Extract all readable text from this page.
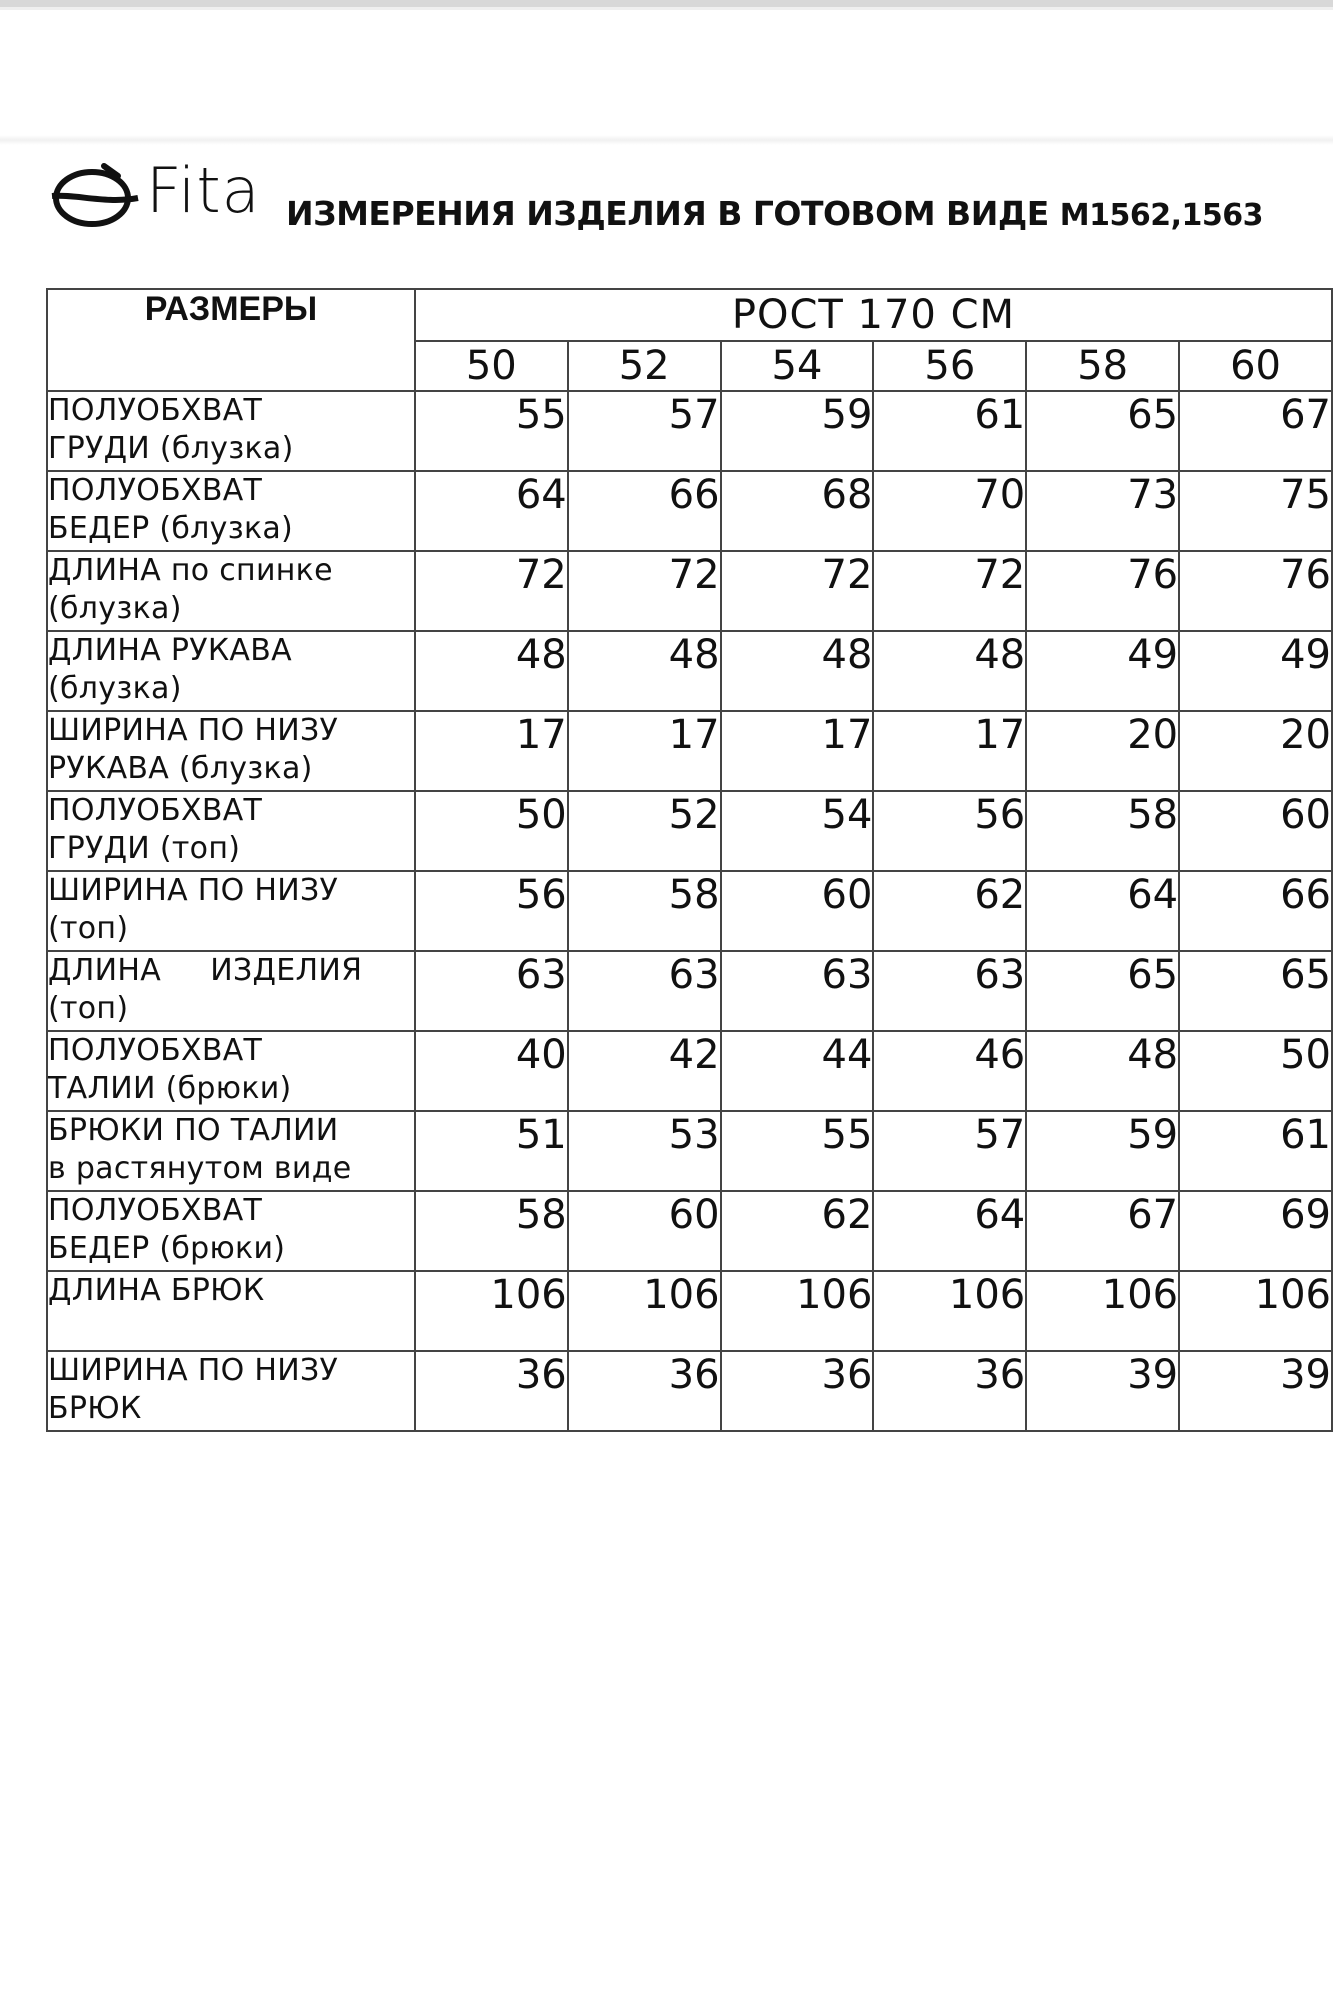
Fita ИЗМЕРЕНИЯ ИЗДЕЛИЯ В ГОТОВОМ ВИДЕ М1562,1563
РАЗМЕРЫ	РОСТ 170 СМ					
	50	52	54	56	58	60

ПОЛУОБХВАТ
ГРУДИ (блузка)	55	57	59	61	65	67

ПОЛУОБХВАТ
БЕДЕР (блузка)	64	66	68	70	73	75

ДЛИНА по спинке
(блузка)	72	72	72	72	76	76

ДЛИНА РУКАВА
(блузка)	48	48	48	48	49	49

ШИРИНА ПО НИЗУ
РУКАВА (блузка)	17	17	17	17	20	20

ПОЛУОБХВАТ
ГРУДИ (топ)	50	52	54	56	58	60

ШИРИНА ПО НИЗУ
(топ)	56	58	60	62	64	66

ДЛИНА     ИЗДЕЛИЯ
(топ)	63	63	63	63	65	65

ПОЛУОБХВАТ
ТАЛИИ (брюки)	40	42	44	46	48	50

БРЮКИ ПО ТАЛИИ
в растянутом виде	51	53	55	57	59	61

ПОЛУОБХВАТ
БЕДЕР (брюки)	58	60	62	64	67	69

ДЛИНА БРЮК	106	106	106	106	106	106

ШИРИНА ПО НИЗУ
БРЮК	36	36	36	36	39	39
